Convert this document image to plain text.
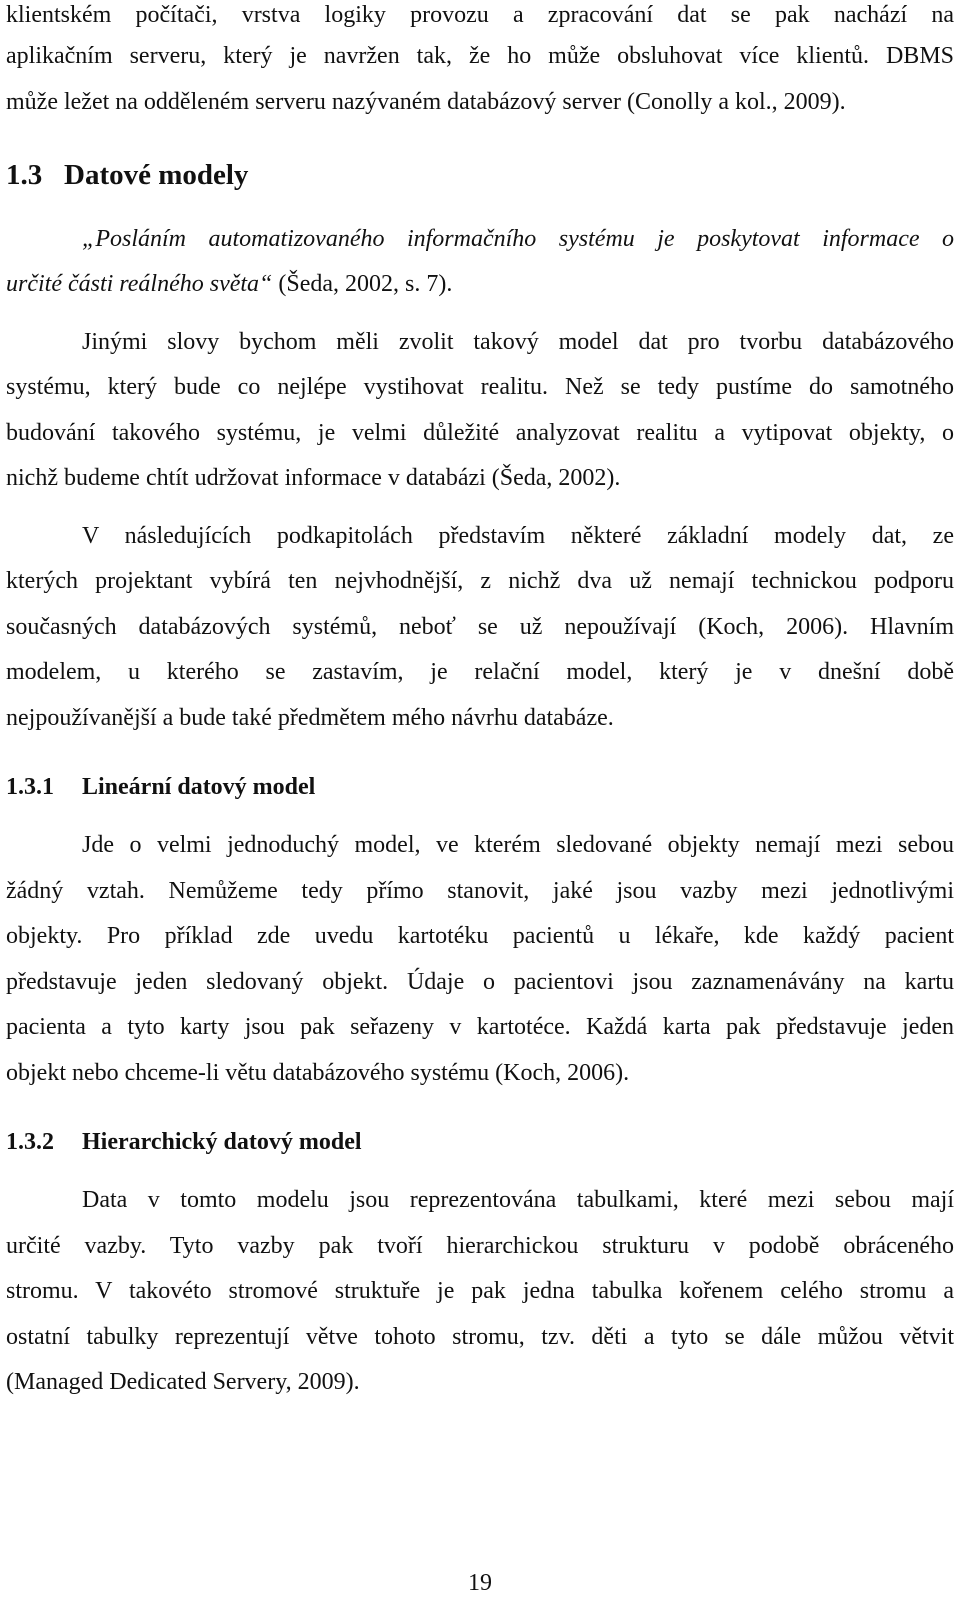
klientském počítači, vrstva logiky provozu a zpracování dat se pak nachází na
aplikačním serveru, který je navržen tak, že ho může obsluhovat více klientů. DBMS
může ležet na odděleném serveru nazývaném databázový server (Conolly a kol., 2009).
1.3 Datové modely
„Posláním automatizovaného informačního systému je poskytovat informace o
určité části reálného světa“ (Šeda, 2002, s. 7).
Jinými slovy bychom měli zvolit takový model dat pro tvorbu databázového
systému, který bude co nejlépe vystihovat realitu. Než se tedy pustíme do samotného
budování takového systému, je velmi důležité analyzovat realitu a vytipovat objekty, o
nichž budeme chtít udržovat informace v databázi (Šeda, 2002).
V následujících podkapitolách představím některé základní modely dat, ze
kterých projektant vybírá ten nejvhodnější, z nichž dva už nemají technickou podporu
současných databázových systémů, neboť se už nepoužívají (Koch, 2006). Hlavním
modelem, u kterého se zastavím, je relační model, který je v dnešní době
nejpoužívanější a bude také předmětem mého návrhu databáze.
1.3.1 Lineární datový model
Jde o velmi jednoduchý model, ve kterém sledované objekty nemají mezi sebou
žádný vztah. Nemůžeme tedy přímo stanovit, jaké jsou vazby mezi jednotlivými
objekty. Pro příklad zde uvedu kartotéku pacientů u lékaře, kde každý pacient
představuje jeden sledovaný objekt. Údaje o pacientovi jsou zaznamenávány na kartu
pacienta a tyto karty jsou pak seřazeny v kartotéce. Každá karta pak představuje jeden
objekt nebo chceme-li větu databázového systému (Koch, 2006).
1.3.2 Hierarchický datový model
Data v tomto modelu jsou reprezentována tabulkami, které mezi sebou mají
určité vazby. Tyto vazby pak tvoří hierarchickou strukturu v podobě obráceného
stromu. V takovéto stromové struktuře je pak jedna tabulka kořenem celého stromu a
ostatní tabulky reprezentují větve tohoto stromu, tzv. děti a tyto se dále můžou větvit
(Managed Dedicated Servery, 2009).
19
